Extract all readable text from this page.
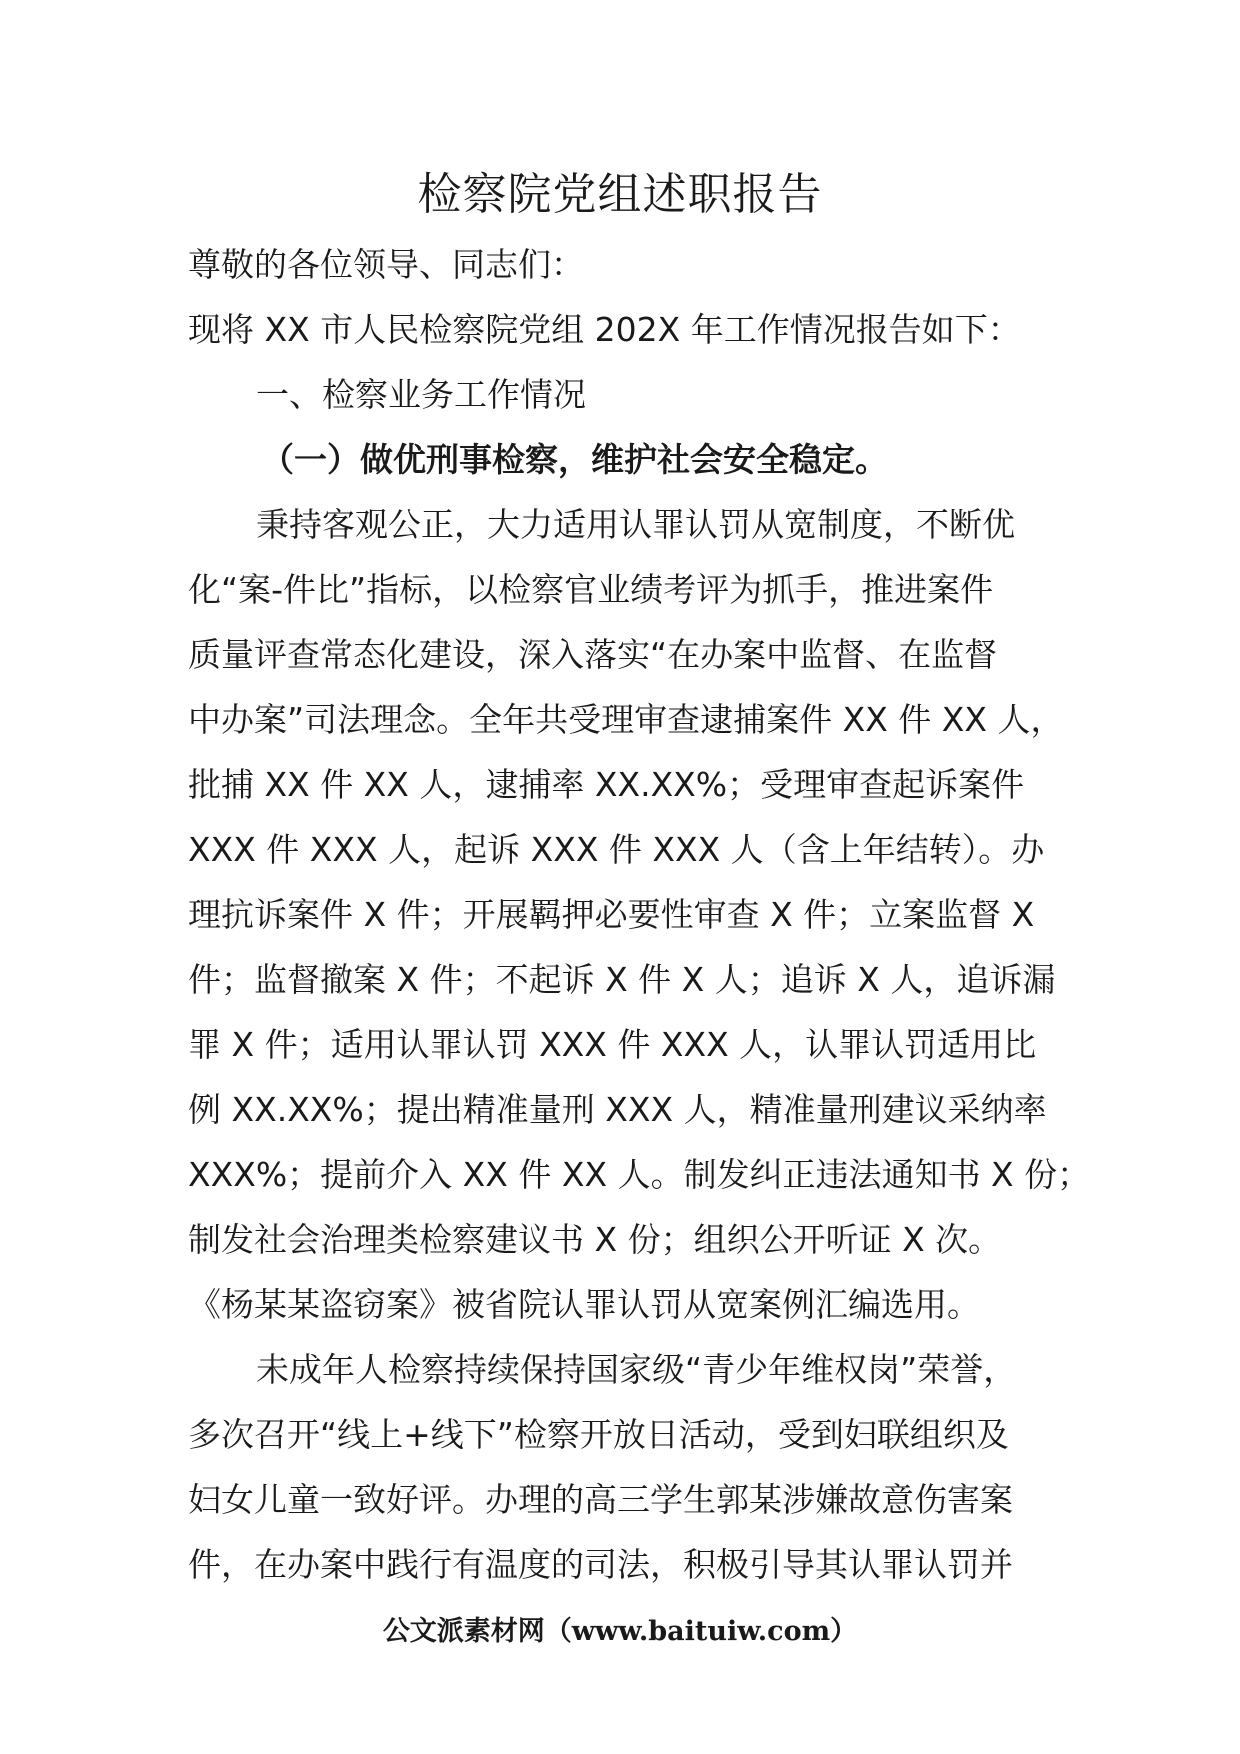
检察院党组述职报告
尊敬的各位领导、同志们：
现将 XX 市人民检察院党组 202X 年工作情况报告如下：
一、检察业务工作情况
（一）做优刑事检察，维护社会安全稳定。
秉持客观公正，大力适用认罪认罚从宽制度，不断优
化“案-件比”指标，以检察官业绩考评为抓手，推进案件
质量评查常态化建设，深入落实“在办案中监督、在监督
中办案”司法理念。全年共受理审查逮捕案件 XX 件 XX 人，
批捕 XX 件 XX 人，逮捕率 XX.XX%；受理审查起诉案件
XXX 件 XXX 人，起诉 XXX 件 XXX 人（含上年结转）。办
理抗诉案件 X 件；开展羁押必要性审查 X 件；立案监督 X
件；监督撤案 X 件；不起诉 X 件 X 人；追诉 X 人，追诉漏
罪 X 件；适用认罪认罚 XXX 件 XXX 人，认罪认罚适用比
例 XX.XX%；提出精准量刑 XXX 人，精准量刑建议采纳率
XXX%；提前介入 XX 件 XX 人。制发纠正违法通知书 X 份；
制发社会治理类检察建议书 X 份；组织公开听证 X 次。
《杨某某盗窃案》被省院认罪认罚从宽案例汇编选用。
未成年人检察持续保持国家级“青少年维权岗”荣誉，
多次召开“线上+线下”检察开放日活动，受到妇联组织及
妇女儿童一致好评。办理的高三学生郭某涉嫌故意伤害案
件，在办案中践行有温度的司法，积极引导其认罪认罚并
公文派素材网（www.baituiw.com）
